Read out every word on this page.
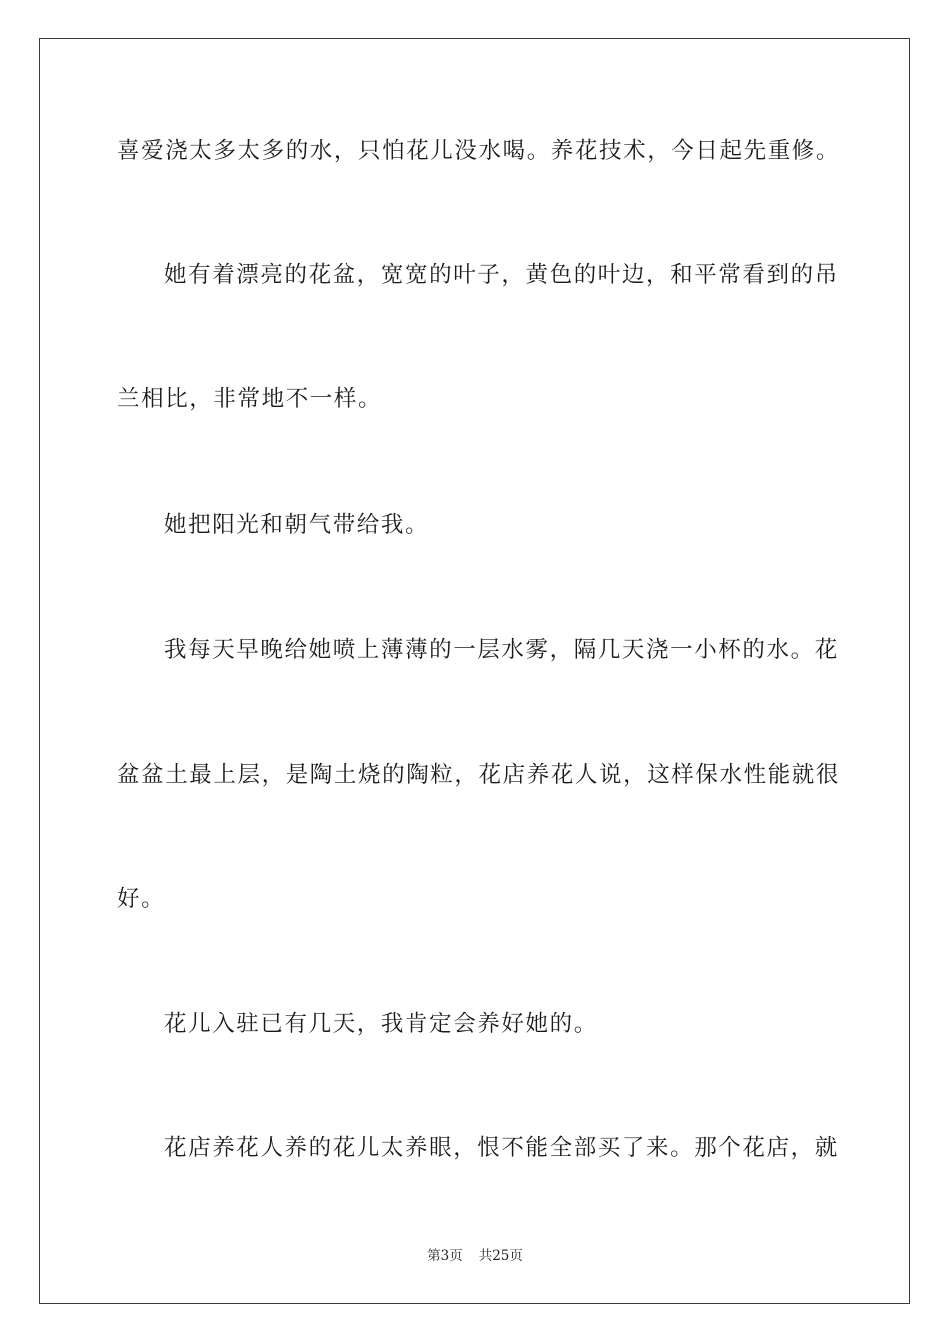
喜爱浇太多太多的水，只怕花儿没水喝。养花技术，今日起先重修。
她有着漂亮的花盆，宽宽的叶子，黄色的叶边，和平常看到的吊
兰相比，非常地不一样。
她把阳光和朝气带给我。
我每天早晚给她喷上薄薄的一层水雾，隔几天浇一小杯的水。花
盆盆土最上层，是陶土烧的陶粒，花店养花人说，这样保水性能就很
好。
花儿入驻已有几天，我肯定会养好她的。
花店养花人养的花儿太养眼，恨不能全部买了来。那个花店，就
第3页 共25页
